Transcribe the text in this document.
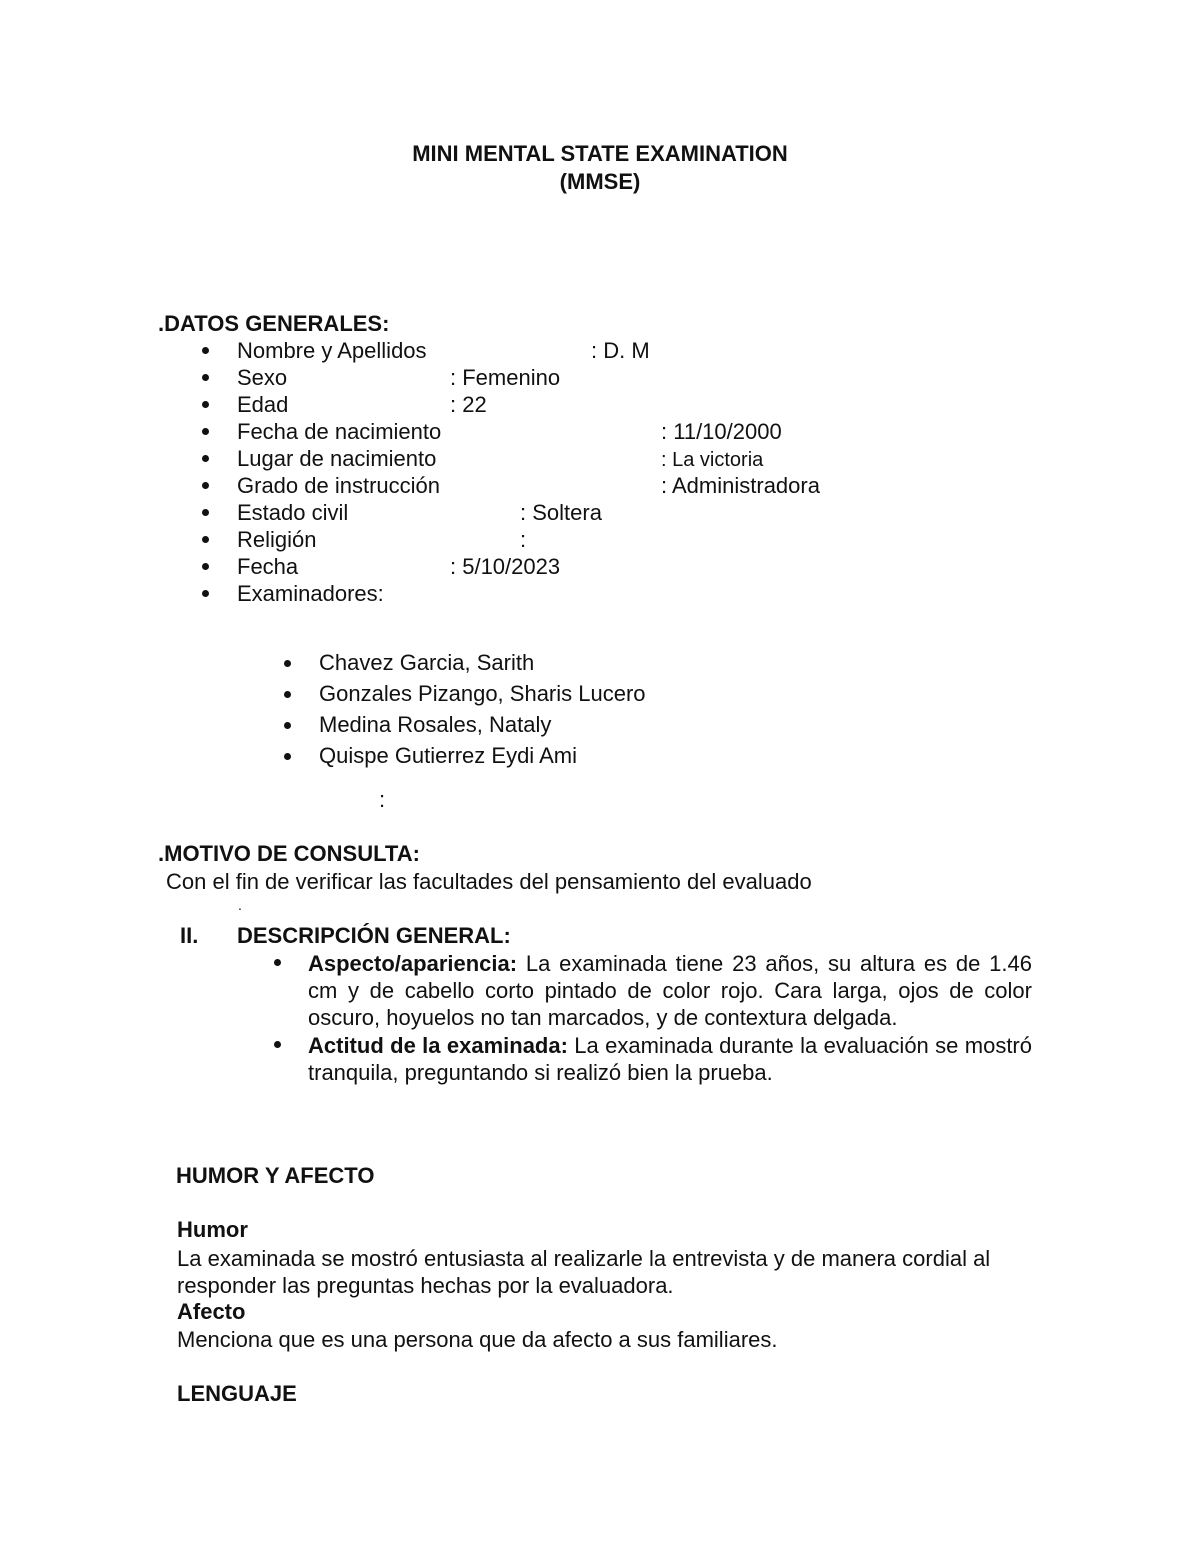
MINI MENTAL STATE EXAMINATION
(MMSE)
.DATOS GENERALES:
Nombre y Apellidos	: D. M
Sexo	: Femenino
Edad	: 22
Fecha de nacimiento	: 11/10/2000
Lugar de nacimiento	: La victoria
Grado de instrucción	: Administradora
Estado civil	: Soltera
Religión	:
Fecha	: 5/10/2023
Examinadores:
Chavez Garcia, Sarith
Gonzales Pizango, Sharis Lucero
Medina Rosales, Nataly
Quispe Gutierrez Eydi Ami
:
.MOTIVO DE CONSULTA:
Con el fin de verificar las facultades del pensamiento del evaluado
.
II. DESCRIPCIÓN GENERAL:
Aspecto/apariencia: La examinada tiene 23 años, su altura es de 1.46 cm y de cabello corto pintado de color rojo. Cara larga, ojos de color oscuro, hoyuelos no tan marcados, y de contextura delgada.
Actitud de la examinada: La examinada durante la evaluación se mostró tranquila, preguntando si realizó bien la prueba.
HUMOR Y AFECTO
Humor
La examinada se mostró entusiasta al realizarle la entrevista y de manera cordial al responder las preguntas hechas por la evaluadora.
Afecto
Menciona que es una persona que da afecto a sus familiares.
LENGUAJE
